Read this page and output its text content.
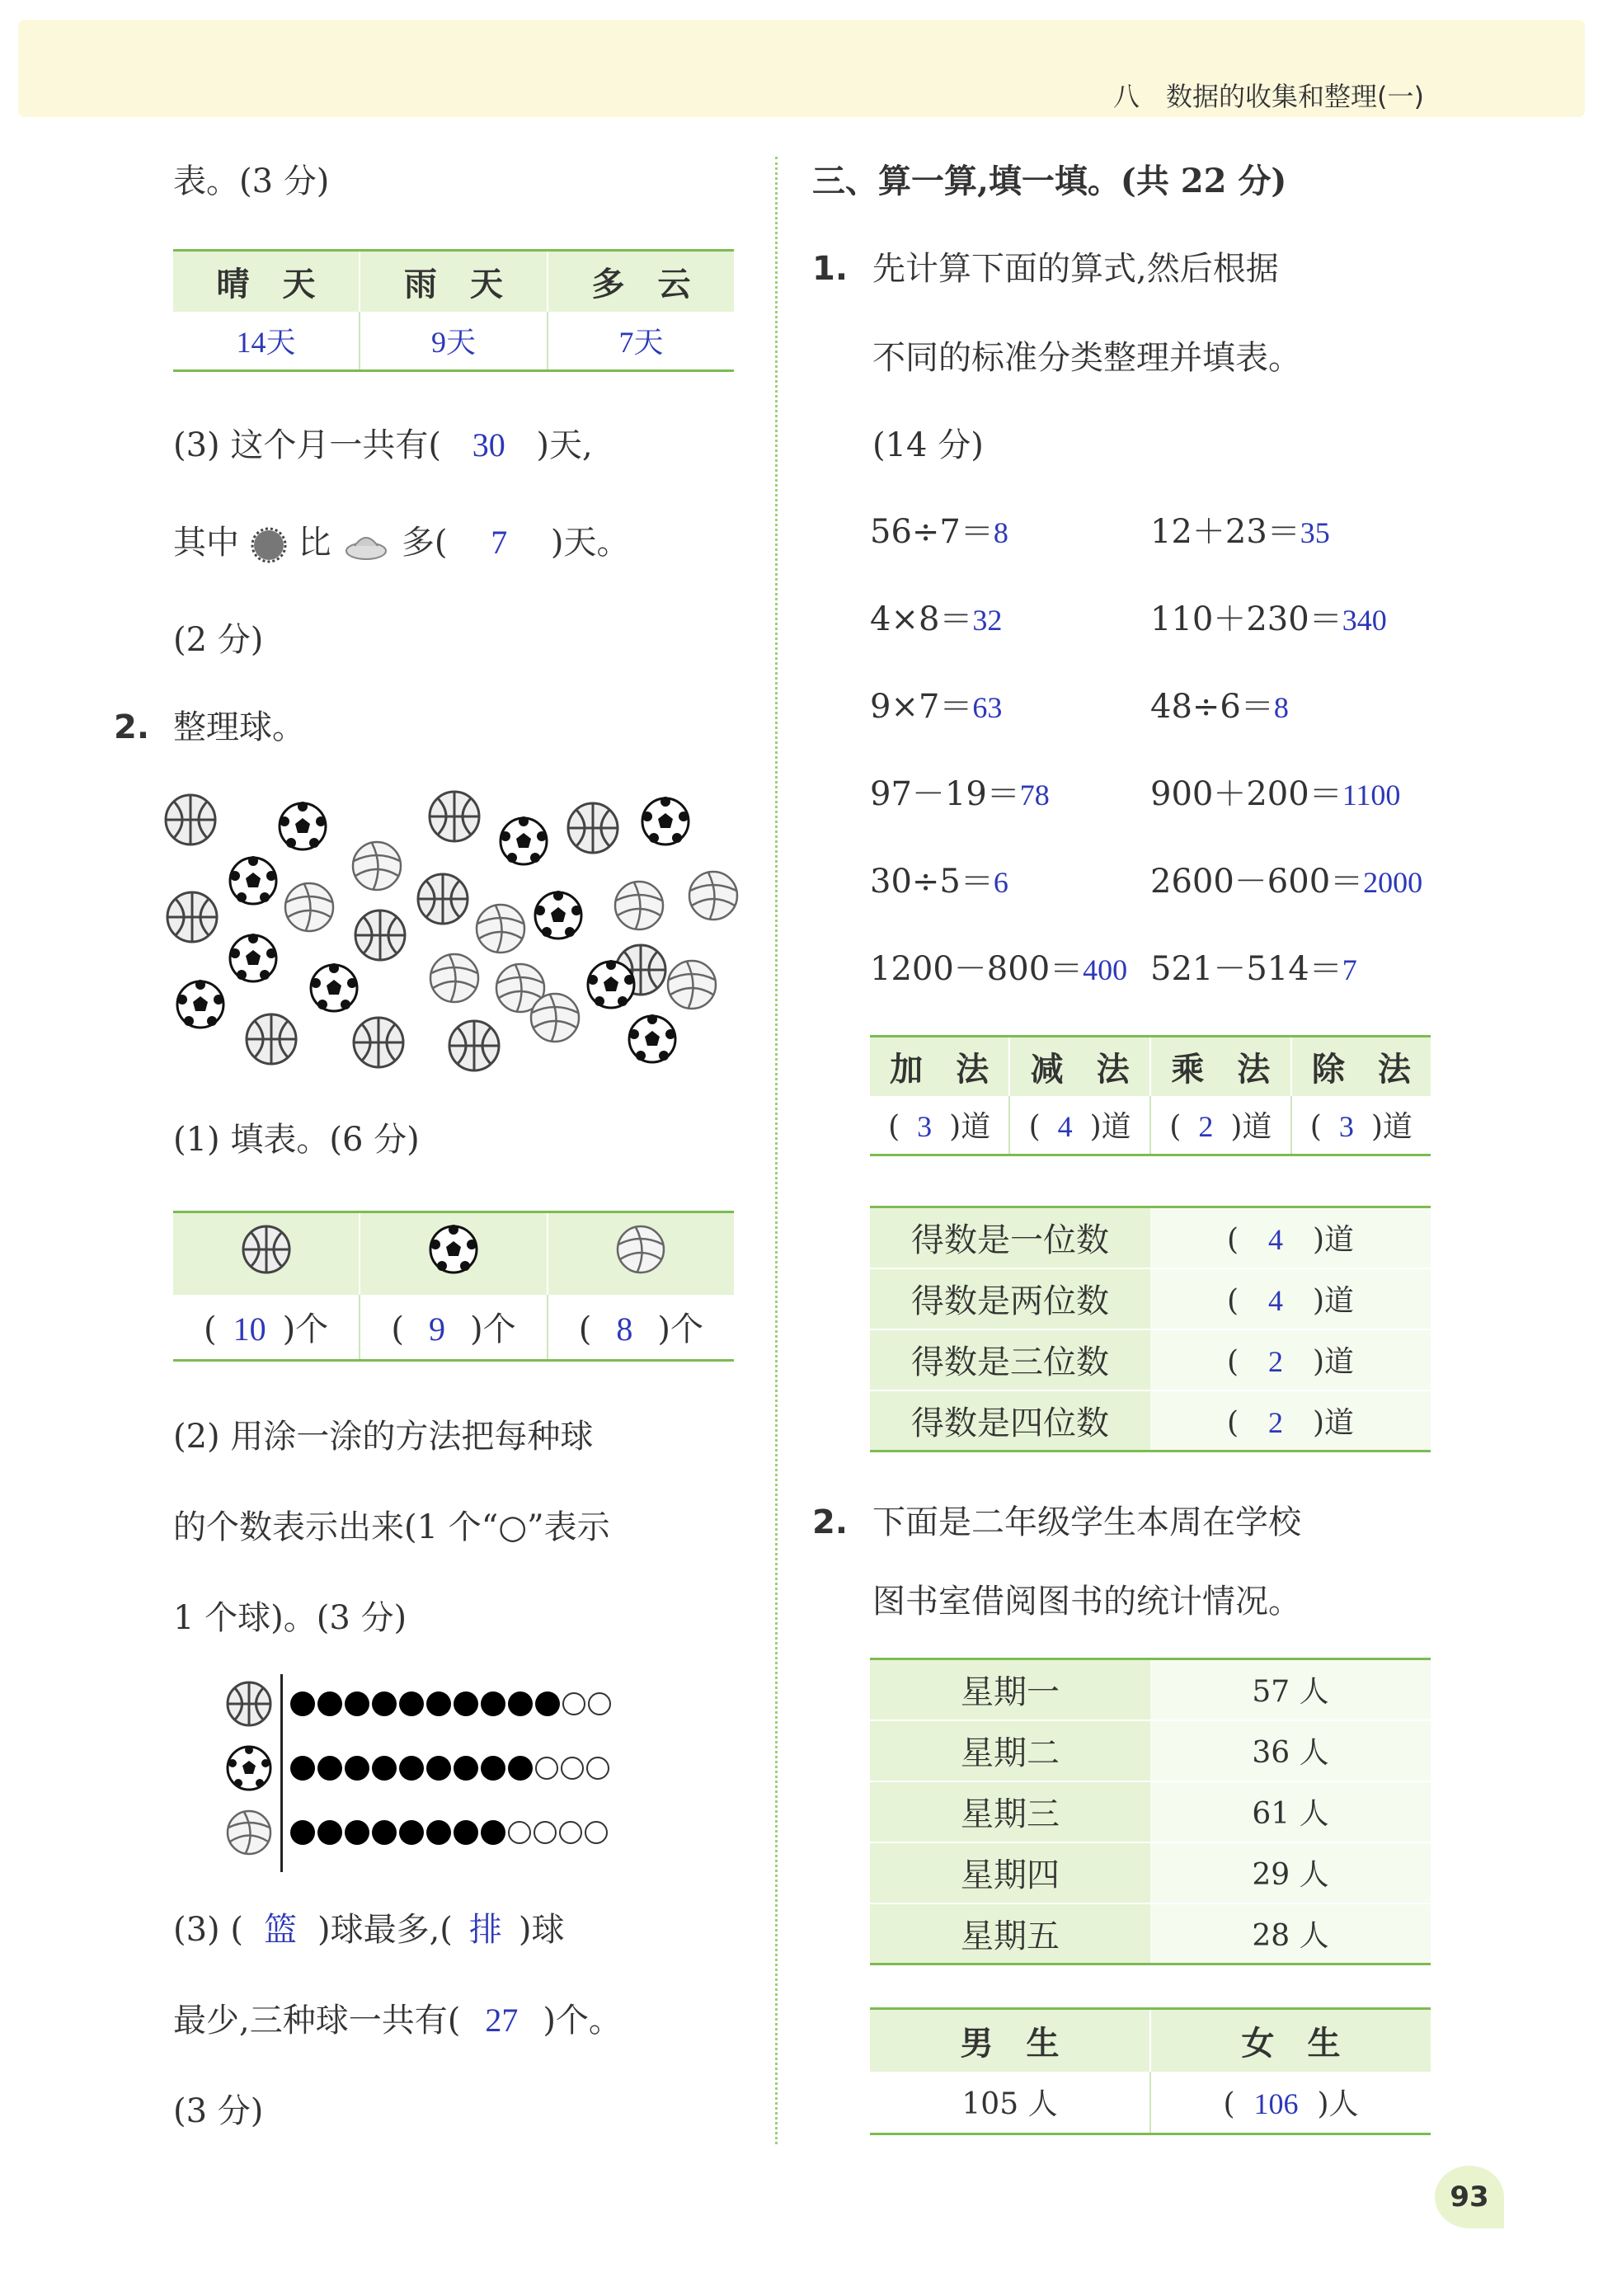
八　数据的收集和整理(一)
表。(3 分)
晴　天	雨　天	多　云
14天	9天	7天
(3) 这个月一共有( 30 )天,
其中 比 多( 7 )天。
(2 分)
2. 整理球。
(1) 填表。(6 分)

( 10 )个	( 9 )个	( 8 )个
(2) 用涂一涂的方法把每种球
的个数表示出来(1 个“○”表示
1 个球)。(3 分)
(3) ( 篮 )球最多,( 排 )球
最少,三种球一共有( 27 )个。
(3 分)
三、算一算,填一填。(共 22 分)
1. 先计算下面的算式,然后根据
不同的标准分类整理并填表。
(14 分)
56÷7＝8	12＋23＝35
4×8＝32	110＋230＝340
9×7＝63	48÷6＝8
97－19＝78	900＋200＝1100
30÷5＝6	2600－600＝2000
1200－800＝400 521－514＝7
加　法	减　法	乘　法	除　法
( 3 )道	( 4 )道	( 2 )道	( 3 )道
得数是一位数	( 4 )道
得数是两位数	( 4 )道
得数是三位数	( 2 )道
得数是四位数	( 2 )道
2. 下面是二年级学生本周在学校
图书室借阅图书的统计情况。
星期一	57 人
星期二	36 人
星期三	61 人
星期四	29 人
星期五	28 人
男　生	女　生
105 人	( 106 )人
93
